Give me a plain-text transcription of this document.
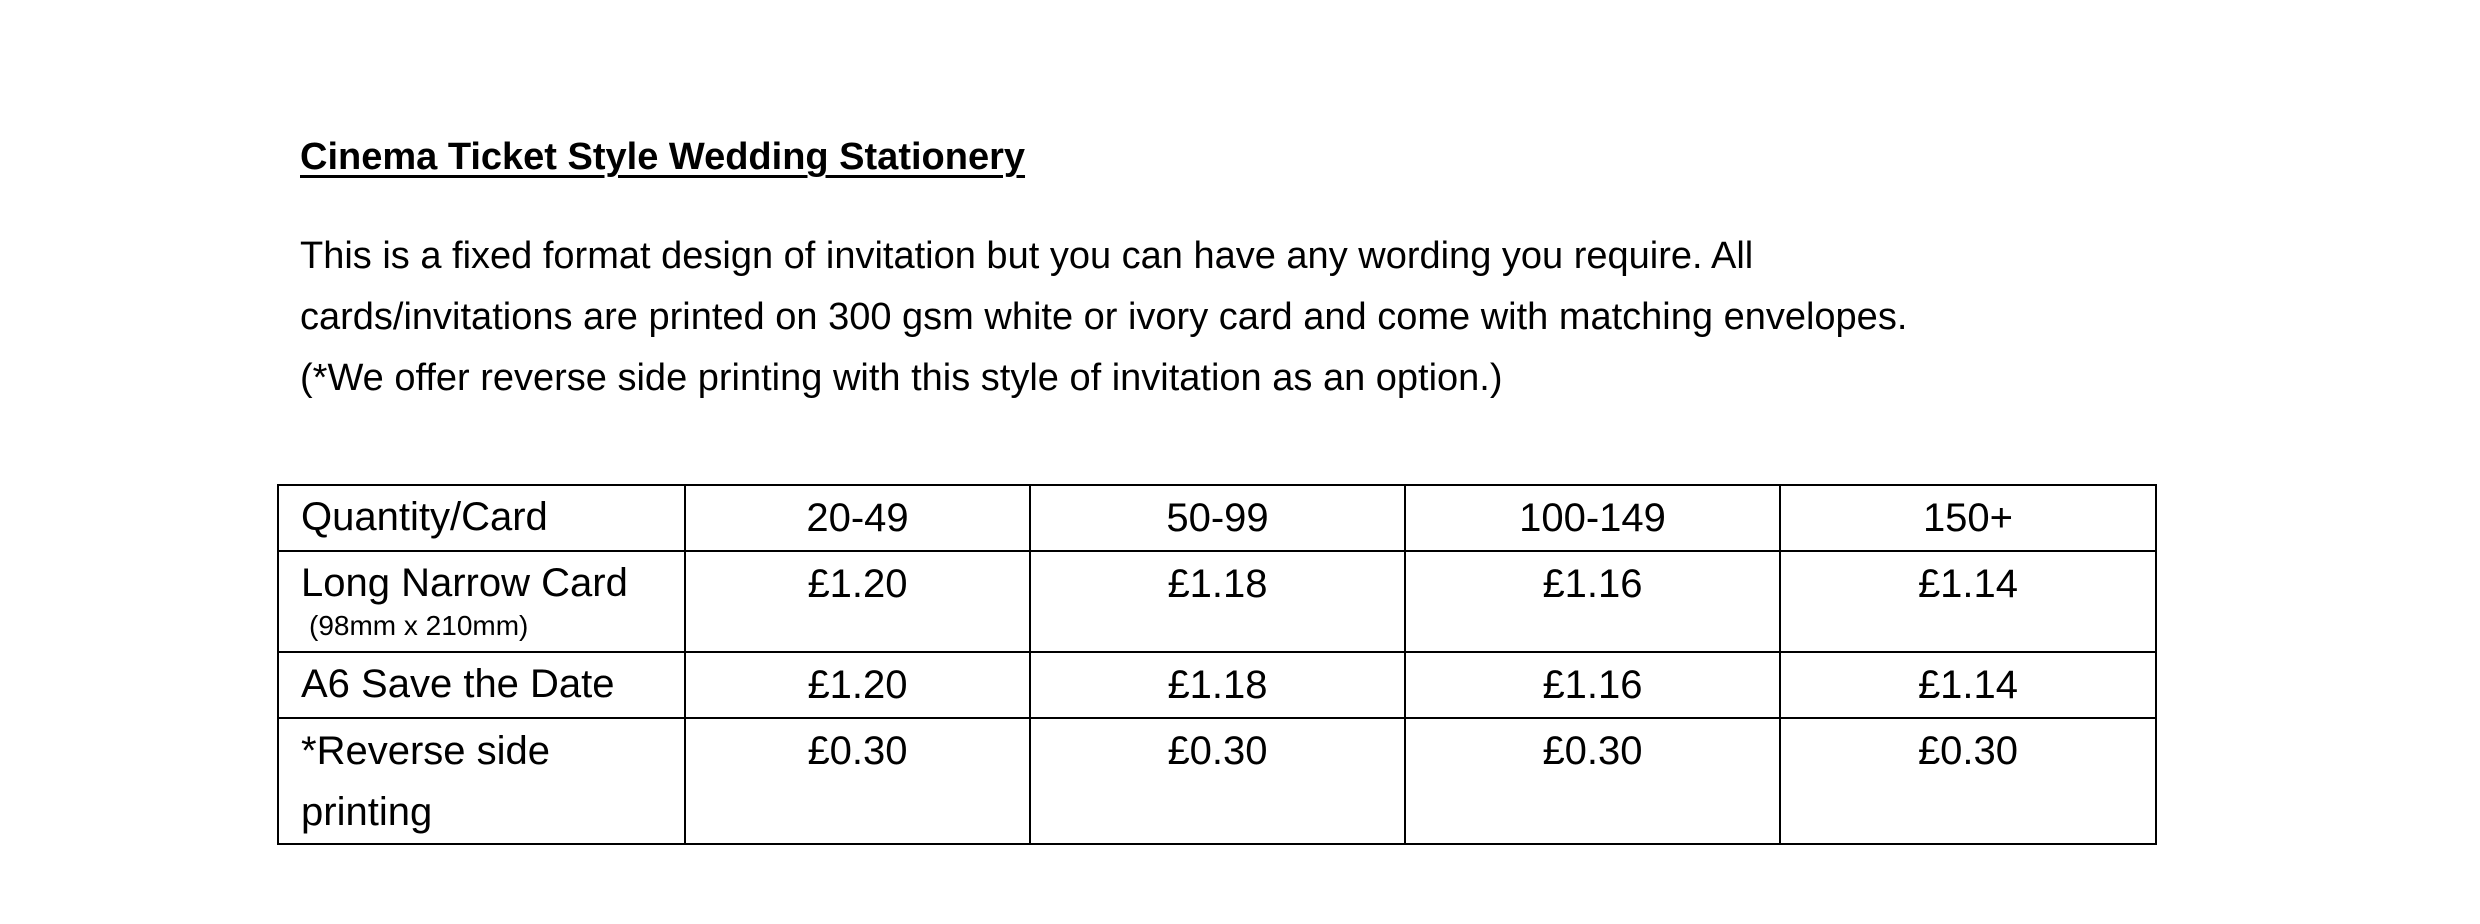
Cinema Ticket Style Wedding Stationery

This is a fixed format design of invitation but you can have any wording you require. All

cards/invitations are printed on 300 gsm white or ivory card and come with matching envelopes.

(*We offer reverse side printing with this style of invitation as an option.)

Quantity/Card	20-49	50-99	100-149	150+

Long Narrow Card
(98mm x 210mm)	£1.20	£1.18	£1.16	£1.14

A6 Save the Date	£1.20	£1.18	£1.16	£1.14

*Reverse side printing	£0.30	£0.30	£0.30	£0.30
